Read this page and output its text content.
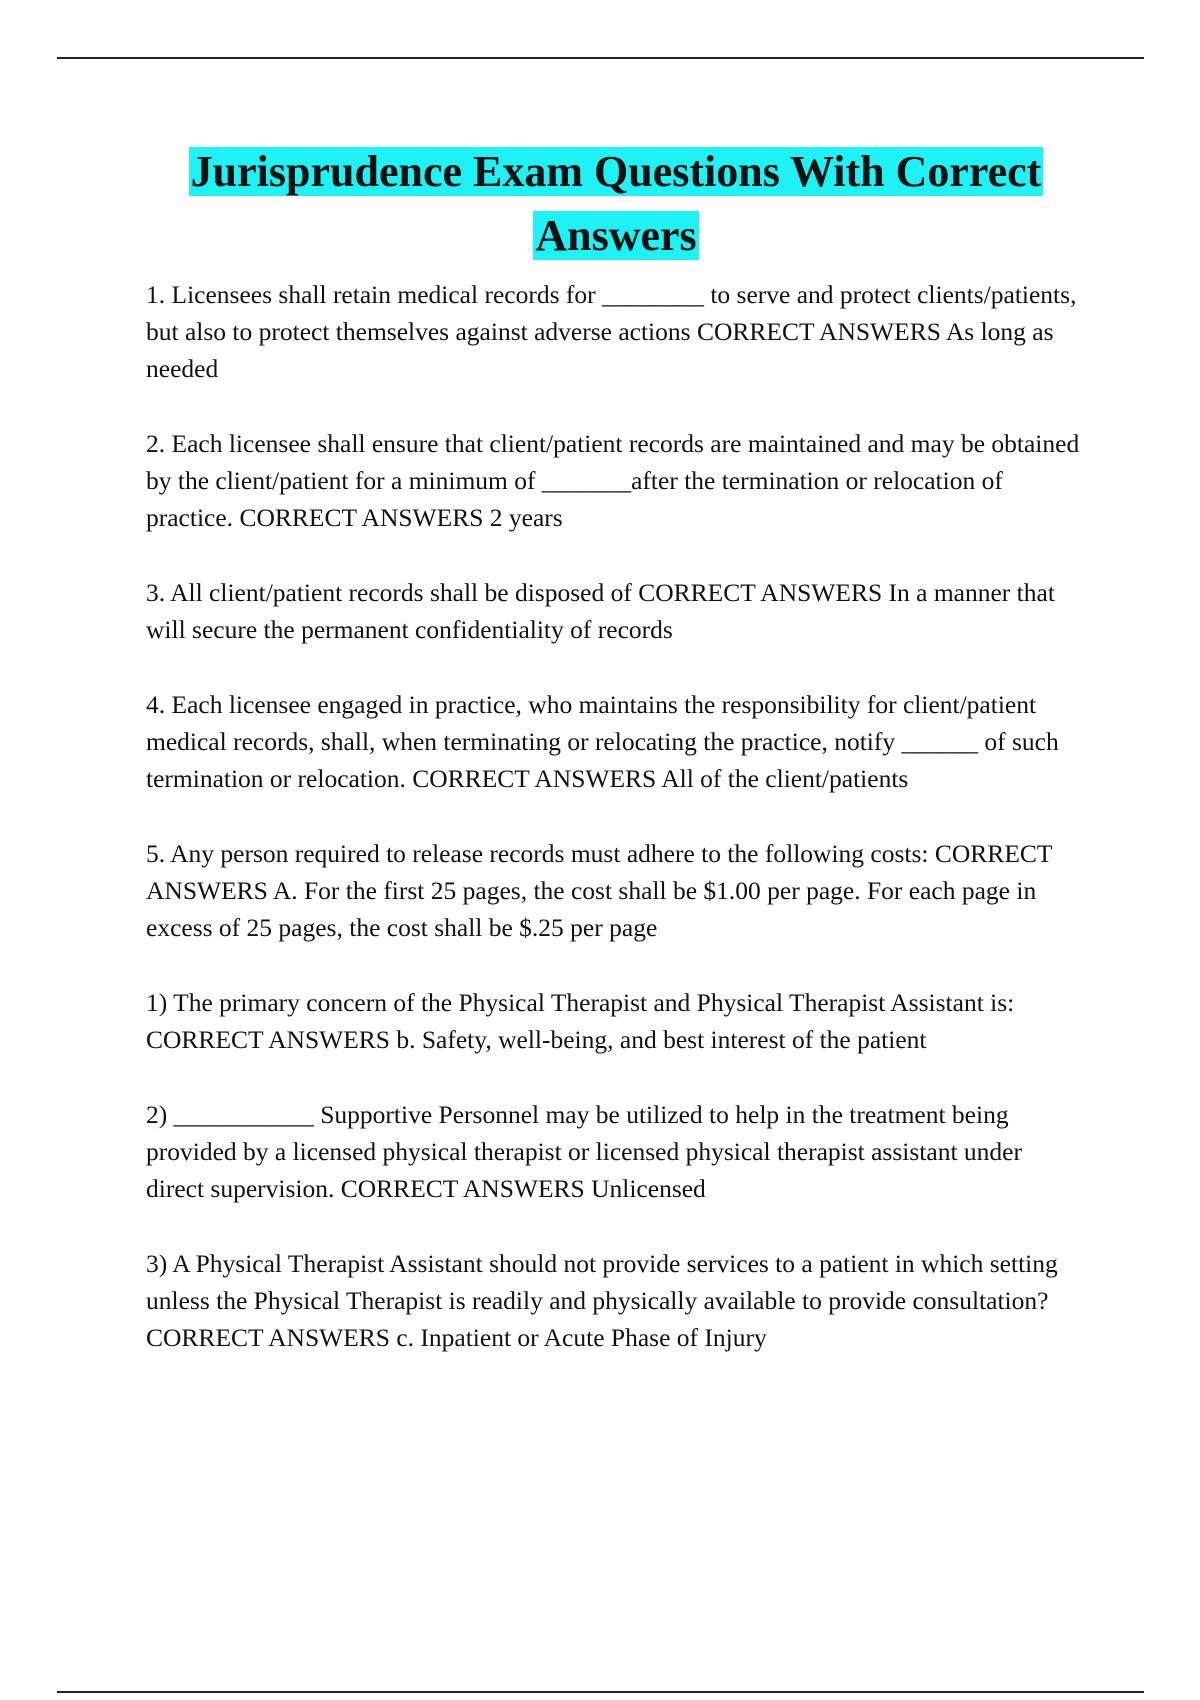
Jurisprudence Exam Questions With Correct Answers

1. Licensees shall retain medical records for ________ to serve and protect clients/patients, but also to protect themselves against adverse actions CORRECT ANSWERS As long as needed

2. Each licensee shall ensure that client/patient records are maintained and may be obtained by the client/patient for a minimum of _______after the termination or relocation of practice. CORRECT ANSWERS 2 years

3. All client/patient records shall be disposed of CORRECT ANSWERS In a manner that will secure the permanent confidentiality of records

4. Each licensee engaged in practice, who maintains the responsibility for client/patient medical records, shall, when terminating or relocating the practice, notify ______ of such termination or relocation. CORRECT ANSWERS All of the client/patients

5. Any person required to release records must adhere to the following costs: CORRECT ANSWERS A. For the first 25 pages, the cost shall be $1.00 per page. For each page in excess of 25 pages, the cost shall be $.25 per page

1) The primary concern of the Physical Therapist and Physical Therapist Assistant is: CORRECT ANSWERS b. Safety, well-being, and best interest of the patient

2) ___________ Supportive Personnel may be utilized to help in the treatment being provided by a licensed physical therapist or licensed physical therapist assistant under direct supervision. CORRECT ANSWERS Unlicensed

3) A Physical Therapist Assistant should not provide services to a patient in which setting unless the Physical Therapist is readily and physically available to provide consultation? CORRECT ANSWERS c. Inpatient or Acute Phase of Injury
